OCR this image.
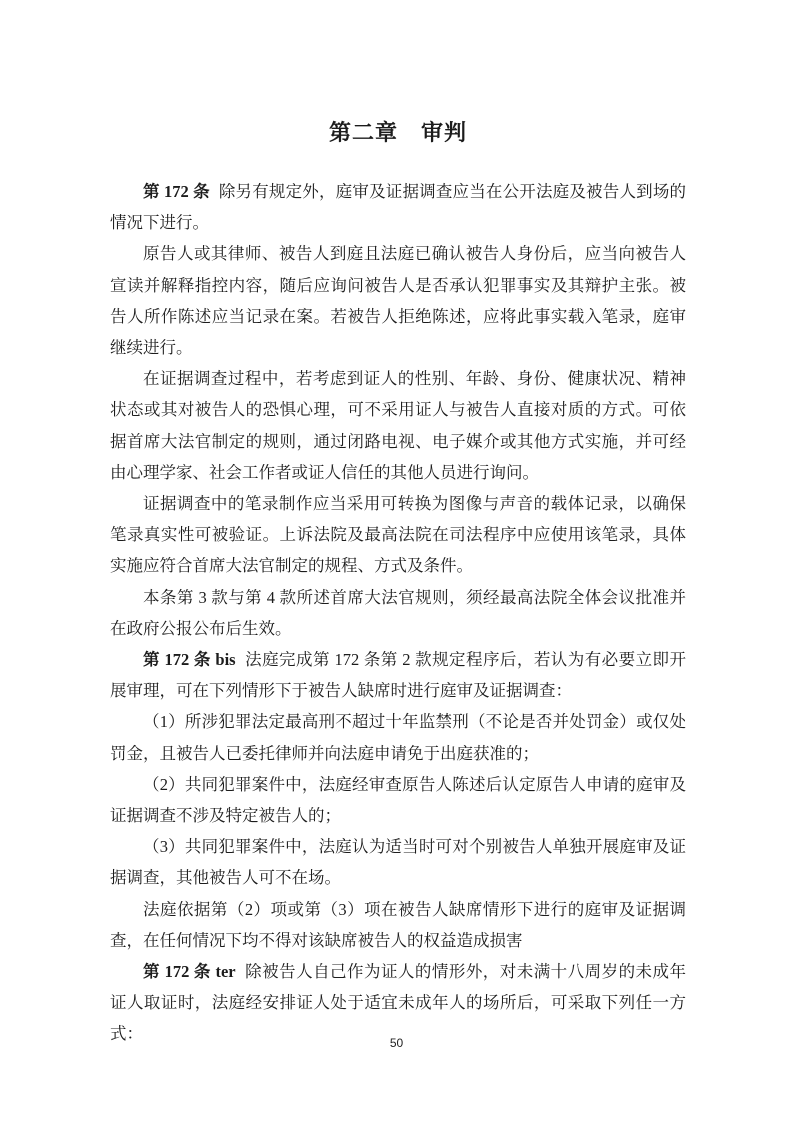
第二章　审判

第 172 条 除另有规定外，庭审及证据调查应当在公开法庭及被告人到场的情况下进行。

原告人或其律师、被告人到庭且法庭已确认被告人身份后，应当向被告人宣读并解释指控内容，随后应询问被告人是否承认犯罪事实及其辩护主张。被告人所作陈述应当记录在案。若被告人拒绝陈述，应将此事实载入笔录，庭审继续进行。

在证据调查过程中，若考虑到证人的性别、年龄、身份、健康状况、精神状态或其对被告人的恐惧心理，可不采用证人与被告人直接对质的方式。可依据首席大法官制定的规则，通过闭路电视、电子媒介或其他方式实施，并可经由心理学家、社会工作者或证人信任的其他人员进行询问。

证据调查中的笔录制作应当采用可转换为图像与声音的载体记录，以确保笔录真实性可被验证。上诉法院及最高法院在司法程序中应使用该笔录，具体实施应符合首席大法官制定的规程、方式及条件。

本条第 3 款与第 4 款所述首席大法官规则，须经最高法院全体会议批准并在政府公报公布后生效。

第 172 条 bis 法庭完成第 172 条第 2 款规定程序后，若认为有必要立即开展审理，可在下列情形下于被告人缺席时进行庭审及证据调查：

（1）所涉犯罪法定最高刑不超过十年监禁刑（不论是否并处罚金）或仅处罚金，且被告人已委托律师并向法庭申请免于出庭获准的；

（2）共同犯罪案件中，法庭经审查原告人陈述后认定原告人申请的庭审及证据调查不涉及特定被告人的；

（3）共同犯罪案件中，法庭认为适当时可对个别被告人单独开展庭审及证据调查，其他被告人可不在场。

法庭依据第（2）项或第（3）项在被告人缺席情形下进行的庭审及证据调查，在任何情况下均不得对该缺席被告人的权益造成损害

第 172 条 ter 除被告人自己作为证人的情形外，对未满十八周岁的未成年证人取证时，法庭经安排证人处于适宜未成年人的场所后，可采取下列任一方式：	50
